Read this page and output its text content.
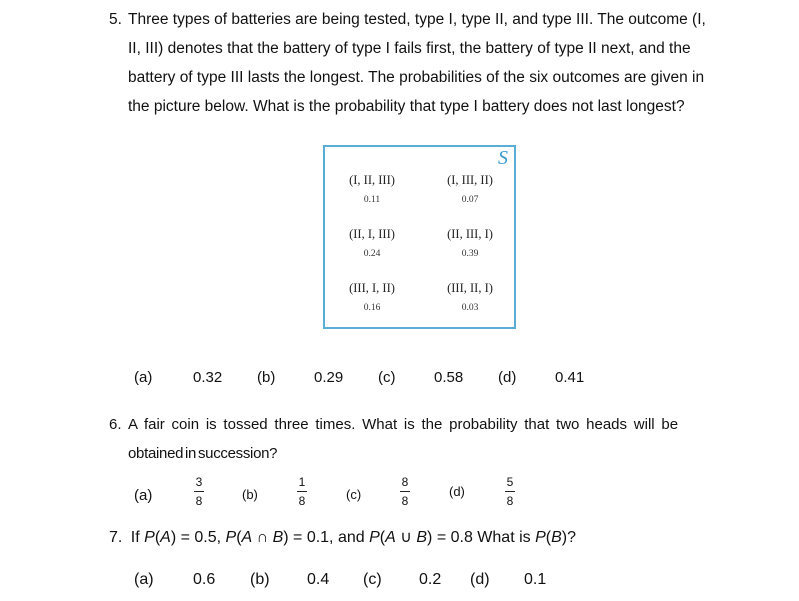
5. Three types of batteries are being tested, type I, type II, and type III. The outcome (I,
II, III) denotes that the battery of type I fails first, the battery of type II next, and the
battery of type III lasts the longest. The probabilities of the six outcomes are given in
the picture below. What is the probability that type I battery does not last longest?
S
(I, II, III)
0.11
(I, III, II)
0.07
(II, I, III)
0.24
(II, III, I)
0.39
(III, I, II)
0.16
(III, II, I)
0.03
(a)	0.32 (b)	0.29 (c)	0.58 (d)	0.41
6. A fair coin is tossed three times. What is the probability that two heads will be
obtained in succession?
(a)
3
8	(b)
1
8	(c)
8
8
(d)
5
8
7. If P(A) = 0.5, P(A ∩ B) = 0.1, and P(A ∪ B) = 0.8 What is P(B)?
(a) 0.6 (b) 0.4 (c) 0.2 (d) 0.1
